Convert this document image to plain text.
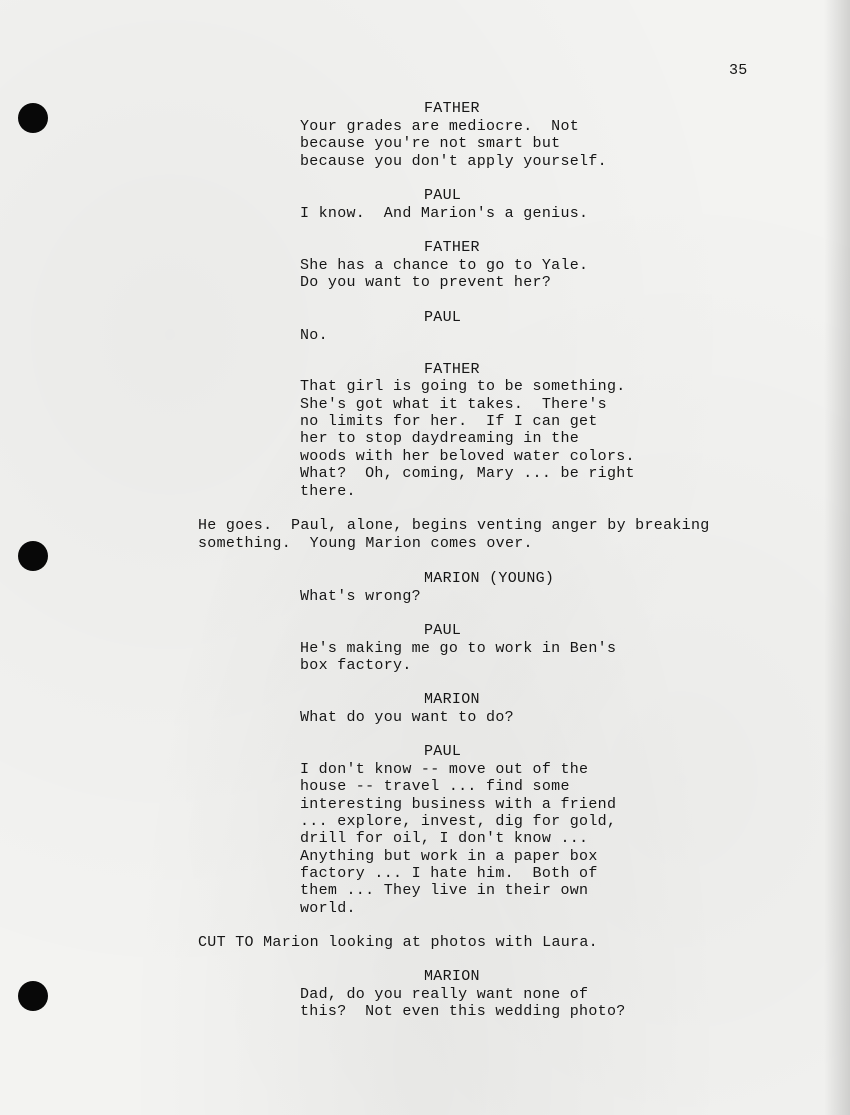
35
FATHER
Your grades are mediocre.  Not
because you're not smart but
because you don't apply yourself.
PAUL
I know.  And Marion's a genius.
FATHER
She has a chance to go to Yale.
Do you want to prevent her?
PAUL
No.
FATHER
That girl is going to be something.
She's got what it takes.  There's
no limits for her.  If I can get
her to stop daydreaming in the
woods with her beloved water colors.
What?  Oh, coming, Mary ... be right
there.
He goes.  Paul, alone, begins venting anger by breaking
something.  Young Marion comes over.
MARION (YOUNG)
What's wrong?
PAUL
He's making me go to work in Ben's
box factory.
MARION
What do you want to do?
PAUL
I don't know -- move out of the
house -- travel ... find some
interesting business with a friend
... explore, invest, dig for gold,
drill for oil, I don't know ...
Anything but work in a paper box
factory ... I hate him.  Both of
them ... They live in their own
world.
CUT TO Marion looking at photos with Laura.
MARION
Dad, do you really want none of
this?  Not even this wedding photo?
